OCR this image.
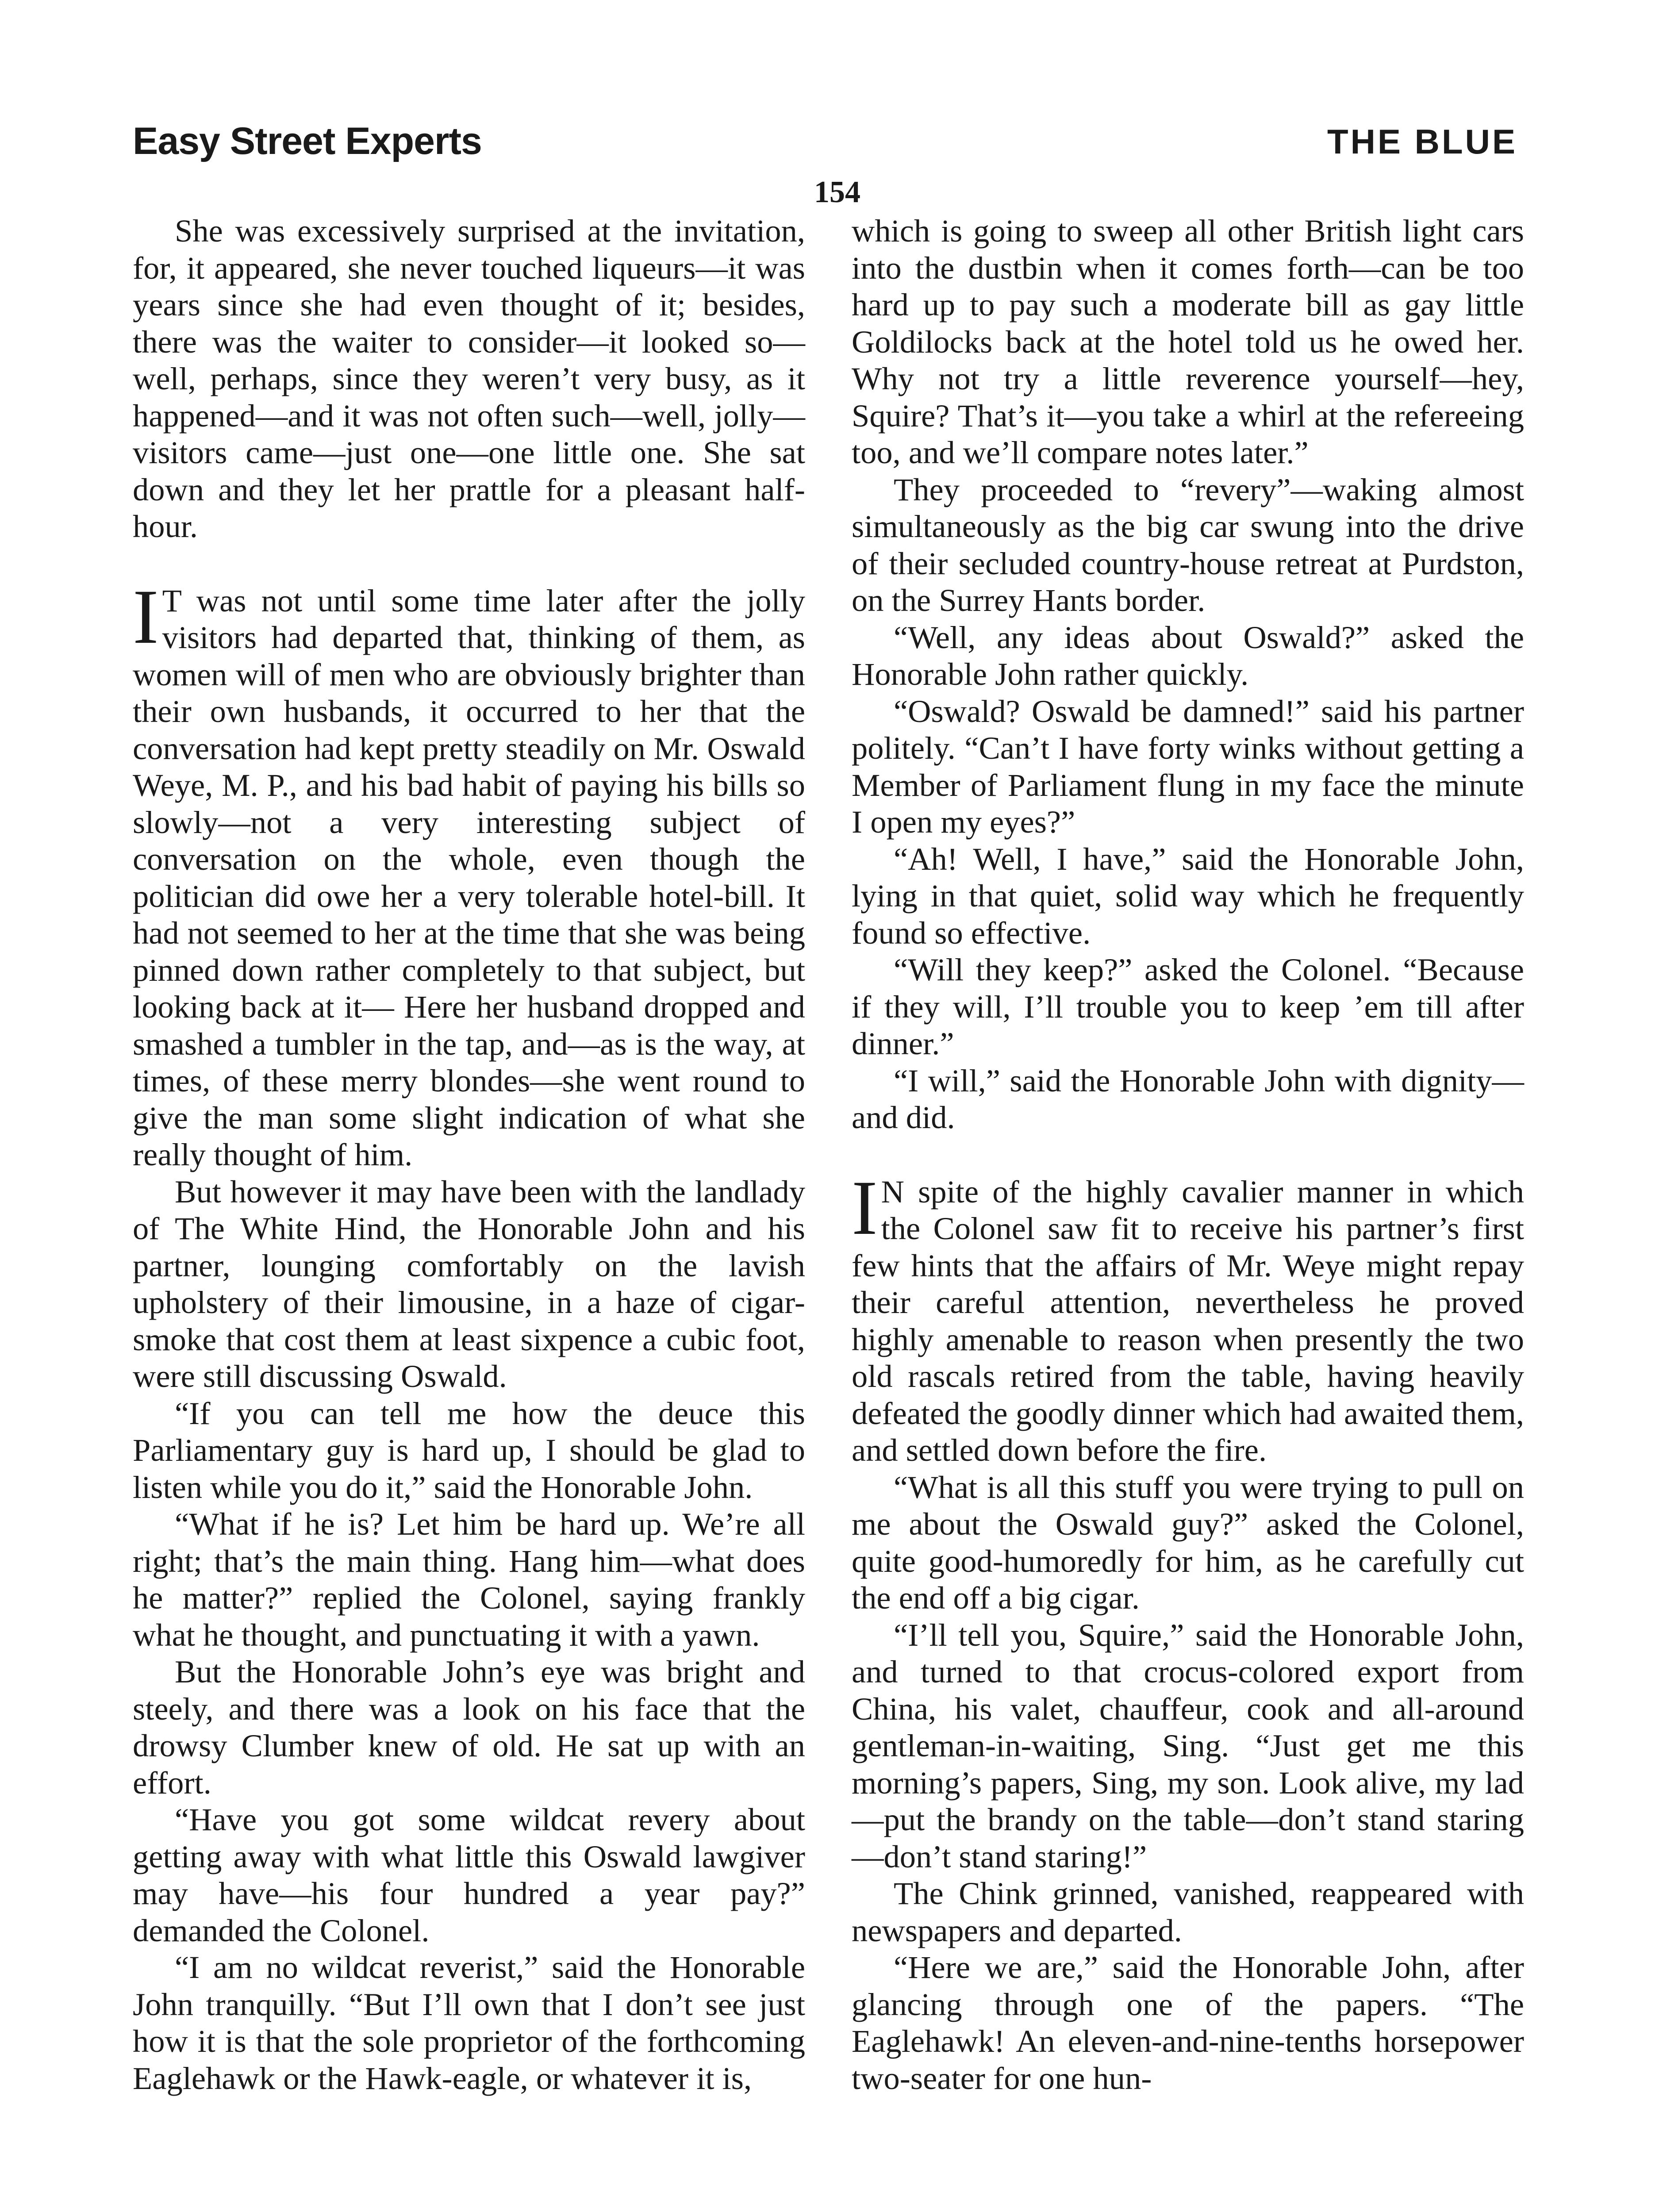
Easy Street Experts	THE BLUE
154

She was excessively surprised at the invitation, for, it appeared, she never touched liqueurs—it was years since she had even thought of it; besides, there was the waiter to consider—it looked so—well, perhaps, since they weren’t very busy, as it happened—and it was not often such—well, jolly—visitors came—just one—one little one. She sat down and they let her prattle for a pleasant half-hour.

I T was not until some time later after the jolly visitors had departed that, thinking of them, as women will of men who are obviously brighter than their own husbands, it occurred to her that the conversation had kept pretty steadily on Mr. Oswald Weye, M. P., and his bad habit of paying his bills so slowly—not a very interesting subject of conversation on the whole, even though the politician did owe her a very tolerable hotel-bill. It had not seemed to her at the time that she was being pinned down rather completely to that subject, but looking back at it— Here her husband dropped and smashed a tumbler in the tap, and—as is the way, at times, of these merry blondes—she went round to give the man some slight indication of what she really thought of him.

But however it may have been with the landlady of The White Hind, the Honorable John and his partner, lounging comfortably on the lavish upholstery of their limousine, in a haze of cigar-smoke that cost them at least sixpence a cubic foot, were still discussing Oswald.

“If you can tell me how the deuce this Parliamentary guy is hard up, I should be glad to listen while you do it,” said the Honorable John.

“What if he is? Let him be hard up. We’re all right; that’s the main thing. Hang him—what does he matter?” replied the Colonel, saying frankly what he thought, and punctuating it with a yawn.

But the Honorable John’s eye was bright and steely, and there was a look on his face that the drowsy Clumber knew of old. He sat up with an effort.

“Have you got some wildcat revery about getting away with what little this Oswald lawgiver may have—his four hundred a year pay?” demanded the Colonel.

“I am no wildcat reverist,” said the Honorable John tranquilly. “But I’ll own that I don’t see just how it is that the sole proprietor of the forthcoming Eaglehawk or the Hawk-eagle, or whatever it is,

which is going to sweep all other British light cars into the dustbin when it comes forth—can be too hard up to pay such a moderate bill as gay little Goldilocks back at the hotel told us he owed her. Why not try a little reverence yourself—hey, Squire? That’s it—you take a whirl at the refereeing too, and we’ll compare notes later.”

They proceeded to “revery”—waking almost simultaneously as the big car swung into the drive of their secluded country-house retreat at Purdston, on the Surrey Hants border.

“Well, any ideas about Oswald?” asked the Honorable John rather quickly.

“Oswald? Oswald be damned!” said his partner politely. “Can’t I have forty winks without getting a Member of Parliament flung in my face the minute I open my eyes?”

“Ah! Well, I have,” said the Honorable John, lying in that quiet, solid way which he frequently found so effective.

“Will they keep?” asked the Colonel. “Because if they will, I’ll trouble you to keep ’em till after dinner.”

“I will,” said the Honorable John with dignity—and did.

I N spite of the highly cavalier manner in which the Colonel saw fit to receive his partner’s first few hints that the affairs of Mr. Weye might repay their careful attention, nevertheless he proved highly amenable to reason when presently the two old rascals retired from the table, having heavily defeated the goodly dinner which had awaited them, and settled down before the fire.

“What is all this stuff you were trying to pull on me about the Oswald guy?” asked the Colonel, quite good-humoredly for him, as he carefully cut the end off a big cigar.

“I’ll tell you, Squire,” said the Honorable John, and turned to that crocus-colored export from China, his valet, chauffeur, cook and all-around gentleman-in-waiting, Sing. “Just get me this morning’s papers, Sing, my son. Look alive, my lad—put the brandy on the table—don’t stand staring—don’t stand staring!”

The Chink grinned, vanished, reappeared with newspapers and departed.

“Here we are,” said the Honorable John, after glancing through one of the papers. “The Eaglehawk! An eleven-and-nine-tenths horsepower two-seater for one hun-
